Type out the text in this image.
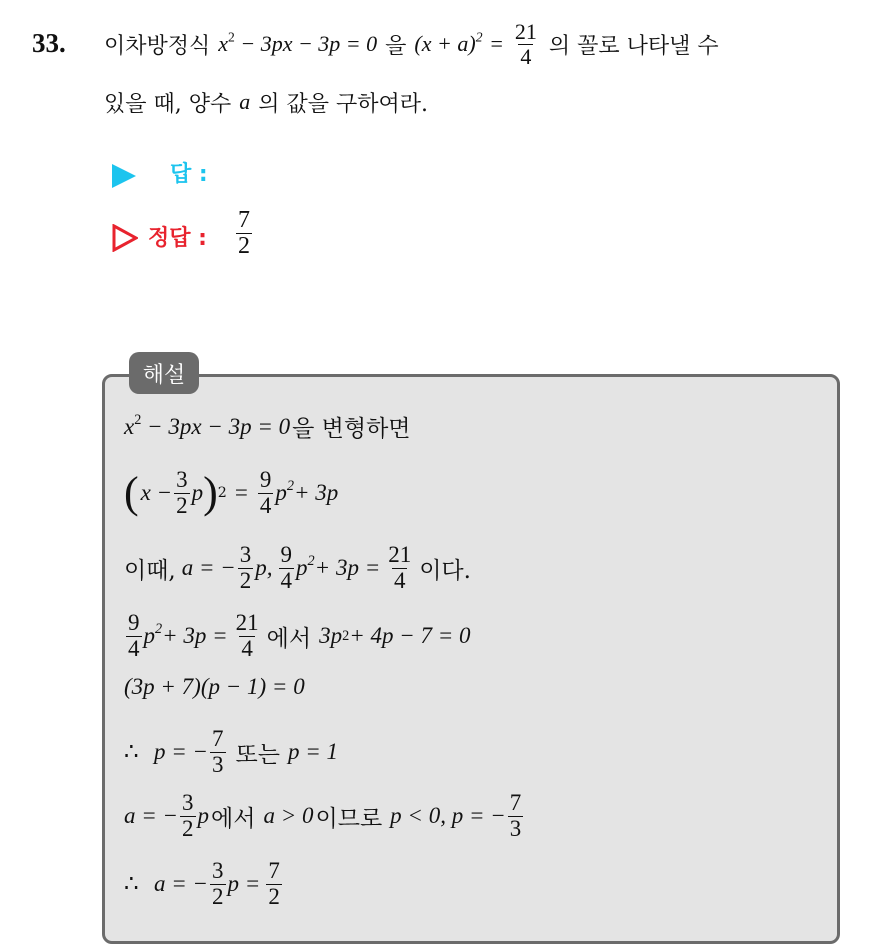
33. 이차방정식 $x^2 - 3px - 3p = 0$ 을 $(x + a)^2 = \frac{21}{4}$ 의 꼴로 나타낼 수
있을 때, 양수 a 의 값을 구하여라.
답 :
정답 : $\frac{7}{2}$
해설
$x^2 - 3px - 3p = 0$ 을 변형하면
( $x - \frac{3}{2}$ p ) $2 = \frac{9}{4} p^2 + 3p$
이때, a = − $\frac{3}{2} p$, $\frac{9}{4} p^2 + 3p = \frac{21}{4}$ 이다.
$\frac{9}{4} p^2 + 3p = \frac{21}{4}$ 에서 3p 2 + 4p − 7 = 0
(3p + 7)(p − 1) = 0
∴ p = − $\frac{7}{3}$ 또는 p = 1
a = − $\frac{3}{2}$ p 에서 a > 0 이므로 p < 0, p = − $\frac{7}{3}$
∴ a = − $\frac{3}{2}$ $p = \frac{7}{2}$
